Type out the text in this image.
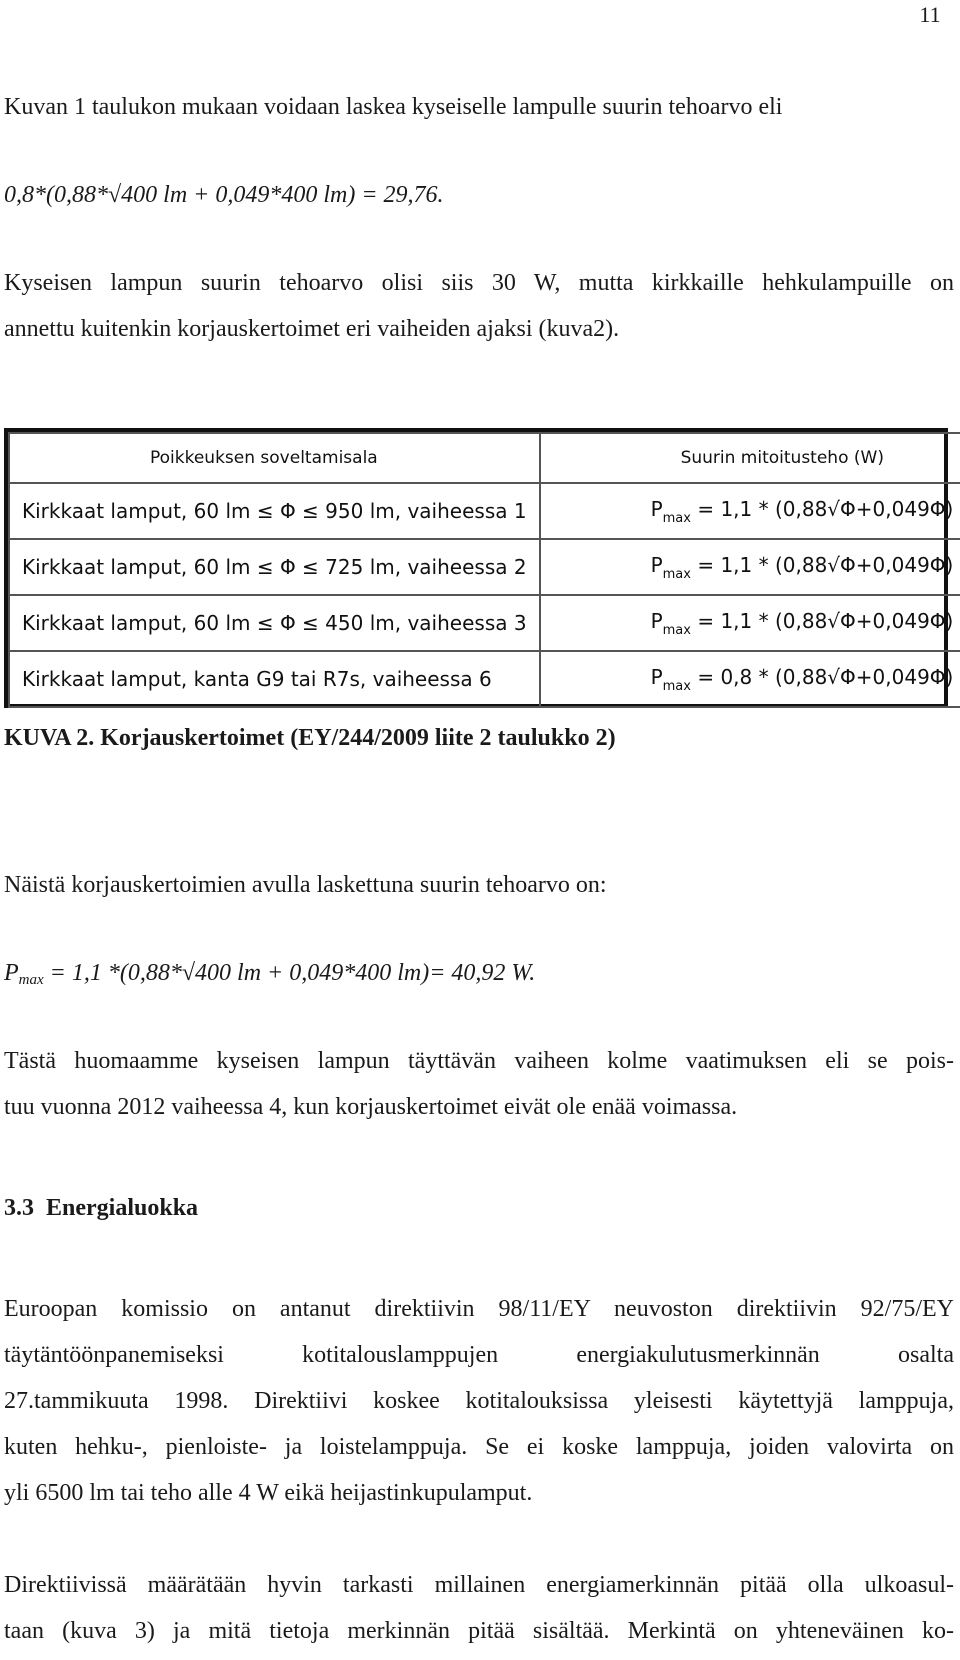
11

Kuvan 1 taulukon mukaan voidaan laskea kyseiselle lampulle suurin tehoarvo eli

0,8*(0,88*√400 lm + 0,049*400 lm) = 29,76.

Kyseisen lampun suurin tehoarvo olisi siis 30 W, mutta kirkkaille hehkulampuille on
annettu kuitenkin korjauskertoimet eri vaiheiden ajaksi (kuva2).
Poikkeuksen soveltamisala	Suurin mitoitusteho (W)
Kirkkaat lamput, 60 lm ≤ Φ ≤ 950 lm, vaiheessa 1	$P_{max} = 1,1 * (0,88√\Phi+0,049\Phi)$
Kirkkaat lamput, 60 lm ≤ Φ ≤ 725 lm, vaiheessa 2	$P_{max} = 1,1 * (0,88√\Phi+0,049\Phi)$
Kirkkaat lamput, 60 lm ≤ Φ ≤ 450 lm, vaiheessa 3	$P_{max} = 1,1 * (0,88√\Phi+0,049\Phi)$
Kirkkaat lamput, kanta G9 tai R7s, vaiheessa 6	$P_{max} = 0,8 * (0,88√\Phi+0,049\Phi)$

KUVA 2. Korjauskertoimet (EY/244/2009 liite 2 taulukko 2)

Näistä korjauskertoimien avulla laskettuna suurin tehoarvo on:

$P_{max} = 1,1$ *(0,88*√400 lm + 0,049*400 lm)= 40,92 W.

Tästä huomaamme kyseisen lampun täyttävän vaiheen kolme vaatimuksen eli se pois-
tuu vuonna 2012 vaiheessa 4, kun korjauskertoimet eivät ole enää voimassa.
3.3 Energialuokka
Euroopan komissio on antanut direktiivin 98/11/EY neuvoston direktiivin 92/75/EY
täytäntöönpanemiseksi kotitalouslamppujen energiakulutusmerkinnän osalta
27.tammikuuta 1998. Direktiivi koskee kotitalouksissa yleisesti käytettyjä lamppuja,
kuten hehku-, pienloiste- ja loistelamppuja. Se ei koske lamppuja, joiden valovirta on
yli 6500 lm tai teho alle 4 W eikä heijastinkupulamput.
Direktiivissä määrätään hyvin tarkasti millainen energiamerkinnän pitää olla ulkoasul-
taan (kuva 3) ja mitä tietoja merkinnän pitää sisältää. Merkintä on yhteneväinen ko-
